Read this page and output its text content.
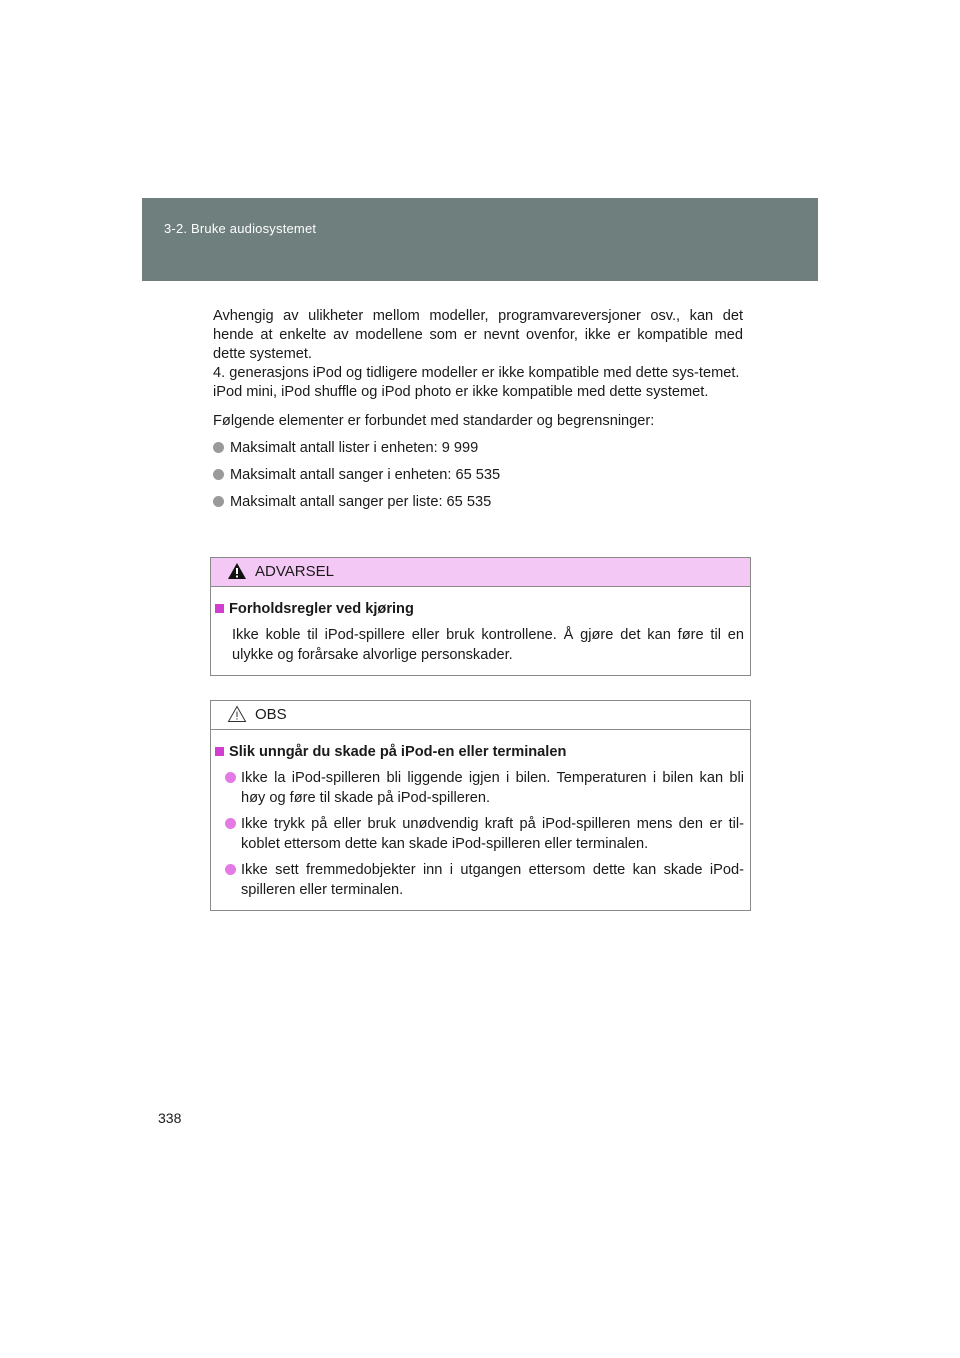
3-2. Bruke audiosystemet

Avhengig av ulikheter mellom modeller, programvareversjoner osv., kan det hende at enkelte av modellene som er nevnt ovenfor, ikke er kompatible med dette systemet.

4. generasjons iPod og tidligere modeller er ikke kompatible med dette sys-temet.

iPod mini, iPod shuffle og iPod photo er ikke kompatible med dette systemet.

Følgende elementer er forbundet med standarder og begrensninger:

Maksimalt antall lister i enheten: 9 999
Maksimalt antall sanger i enheten: 65 535
Maksimalt antall sanger per liste: 65 535
ADVARSEL
Forholdsregler ved kjøring

Ikke koble til iPod-spillere eller bruk kontrollene. Å gjøre det kan føre til en ulykke og forårsake alvorlige personskader.

OBS
Slik unngår du skade på iPod-en eller terminalen
Ikke la iPod-spilleren bli liggende igjen i bilen. Temperaturen i bilen kan bli høy og føre til skade på iPod-spilleren.
Ikke trykk på eller bruk unødvendig kraft på iPod-spilleren mens den er til-koblet ettersom dette kan skade iPod-spilleren eller terminalen.
Ikke sett fremmedobjekter inn i utgangen ettersom dette kan skade iPod-spilleren eller terminalen.
338
